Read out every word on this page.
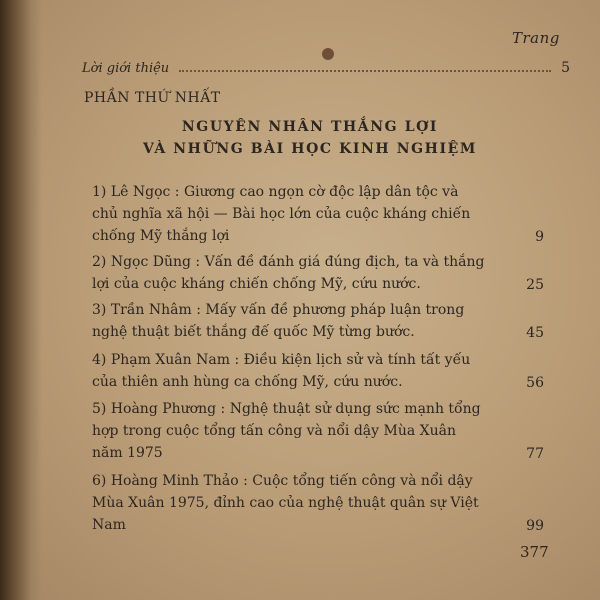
Trang
Lời giới thiệu	5
PHẦN THỨ NHẤT
NGUYÊN NHÂN THẮNG LỢI
VÀ NHỮNG BÀI HỌC KINH NGHIỆM
1) Lê Ngọc : Giương cao ngọn cờ độc lập dân tộc và chủ nghĩa xã hội — Bài học lớn của cuộc kháng chiến chống Mỹ thắng lợi	9
2) Ngọc Dũng : Vấn đề đánh giá đúng địch, ta và thắng lợi của cuộc kháng chiến chống Mỹ, cứu nước.	25
3) Trần Nhâm : Mấy vấn đề phương pháp luận trong nghệ thuật biết thắng đế quốc Mỹ từng bước.	45
4) Phạm Xuân Nam : Điều kiện lịch sử và tính tất yếu của thiên anh hùng ca chống Mỹ, cứu nước.	56
5) Hoàng Phương : Nghệ thuật sử dụng sức mạnh tổng hợp trong cuộc tổng tấn công và nổi dậy Mùa Xuân năm 1975	77
6) Hoàng Minh Thảo : Cuộc tổng tiến công và nổi dậy Mùa Xuân 1975, đỉnh cao của nghệ thuật quân sự Việt Nam	99
377
